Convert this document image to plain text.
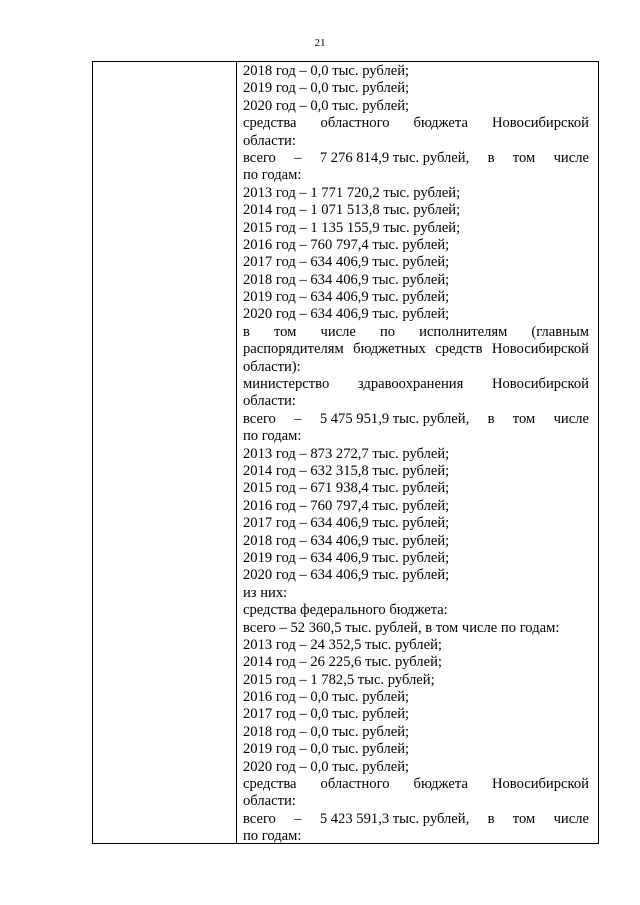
21
2018 год – 0,0 тыс. рублей;
2019 год – 0,0 тыс. рублей;
2020 год – 0,0 тыс. рублей;
средства областного бюджета Новосибирской
области:
всего – 7 276 814,9 тыс. рублей, в том числе
по годам:
2013 год – 1 771 720,2 тыс. рублей;
2014 год – 1 071 513,8 тыс. рублей;
2015 год – 1 135 155,9 тыс. рублей;
2016 год – 760 797,4 тыс. рублей;
2017 год – 634 406,9 тыс. рублей;
2018 год – 634 406,9 тыс. рублей;
2019 год – 634 406,9 тыс. рублей;
2020 год – 634 406,9 тыс. рублей;
в том числе по исполнителям (главным
распорядителям бюджетных средств Новосибирской
области):
министерство здравоохранения Новосибирской
области:
всего – 5 475 951,9 тыс. рублей, в том числе
по годам:
2013 год – 873 272,7 тыс. рублей;
2014 год – 632 315,8 тыс. рублей;
2015 год – 671 938,4 тыс. рублей;
2016 год – 760 797,4 тыс. рублей;
2017 год – 634 406,9 тыс. рублей;
2018 год – 634 406,9 тыс. рублей;
2019 год – 634 406,9 тыс. рублей;
2020 год – 634 406,9 тыс. рублей;
из них:
средства федерального бюджета:
всего – 52 360,5 тыс. рублей, в том числе по годам:
2013 год – 24 352,5 тыс. рублей;
2014 год – 26 225,6 тыс. рублей;
2015 год – 1 782,5 тыс. рублей;
2016 год – 0,0 тыс. рублей;
2017 год – 0,0 тыс. рублей;
2018 год – 0,0 тыс. рублей;
2019 год – 0,0 тыс. рублей;
2020 год – 0,0 тыс. рублей;
средства областного бюджета Новосибирской
области:
всего – 5 423 591,3 тыс. рублей, в том числе
по годам:
